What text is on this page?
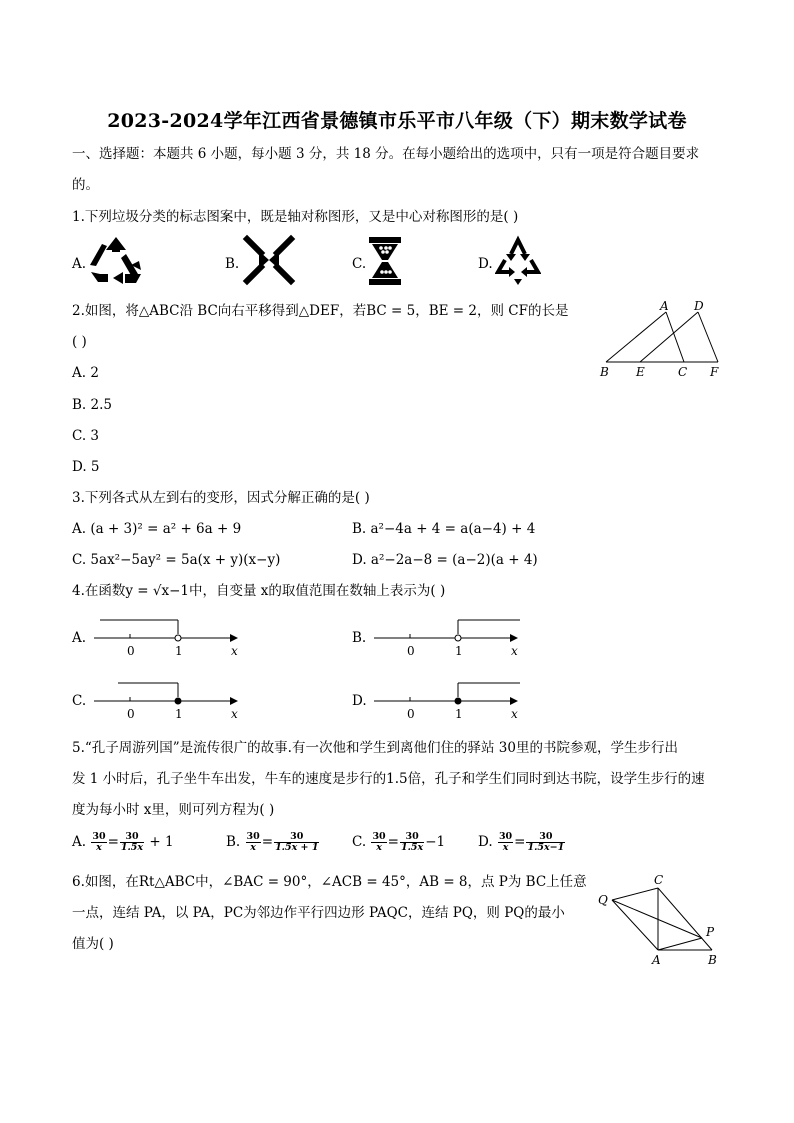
2023-2024学年江西省景德镇市乐平市八年级（下）期末数学试卷
一、选择题：本题共 6 小题，每小题 3 分，共 18 分。在每小题给出的选项中，只有一项是符合题目要求
的。
1.下列垃圾分类的标志图案中，既是轴对称图形，又是中心对称图形的是( )
A.	B.	C.	D.
2.如图，将△ABC沿 BC向右平移得到△DEF，若BC = 5，BE = 2，则 CF的长是
( )
A. 2
B. 2.5
C. 3
D. 5
A D
B E	C F
3.下列各式从左到右的变形，因式分解正确的是( )
A. (a + 3)² = a² + 6a + 9	B. a²−4a + 4 = a(a−4) + 4
C. 5ax²−5ay² = 5a(x + y)(x−y)	D. a²−2a−8 = (a−2)(a + 4)
4.在函数y = √x−1中，自变量 x的取值范围在数轴上表示为( )
A.	B.
C.	D.
0	1	x	0	1	x
0	1	x	0	1	x
5.“孔子周游列国”是流传很广的故事.有一次他和学生到离他们住的驿站 30里的书院参观，学生步行出
发 1 小时后，孔子坐牛车出发，牛车的速度是步行的1.5倍，孔子和学生们同时到达书院，设学生步行的速
度为每小时 x里，则可列方程为( )
A. $\frac{30}{x} = \frac{30}{1.5x} + 1$	B. $\frac{30}{x} = \frac{30}{1.5x + 1} C$. $\frac{30}{x} = \frac{30}{1.5x} -1$ D. $\frac{30}{x} = \frac{30}{1.5x-1}$
6.如图，在Rt△ABC中，∠BAC = 90°，∠ACB = 45°，AB = 8，点 P为 BC上任意
一点，连结 PA，以 PA，PC为邻边作平行四边形 PAQC，连结 PQ，则 PQ的最小
值为( )
Q
C
P
A	B
